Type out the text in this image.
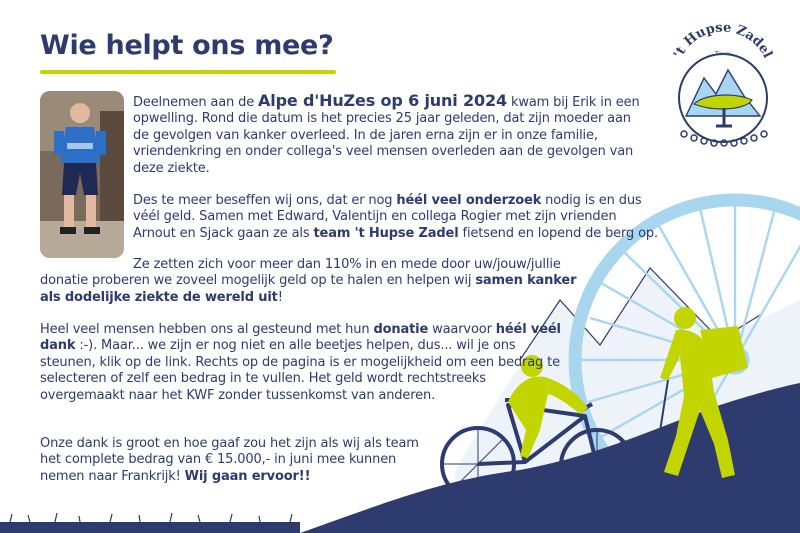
Wie helpt ons mee?	't Hupse Zadel

Deelnemen aan de Alpe d'HuZes op 6 juni 2024 kwam bij Erik in een opwelling. Rond die datum is het precies 25 jaar geleden, dat zijn moeder aan de gevolgen van kanker overleed. In de jaren erna zijn er in onze familie, vriendenkring en onder collega's veel mensen overleden aan de gevolgen van deze ziekte.

Des te meer beseffen wij ons, dat er nog héél veel onderzoek nodig is en dus véél geld. Samen met Edward, Valentijn en collega Rogier met zijn vrienden Arnout en Sjack gaan ze als team 't Hupse Zadel fietsend en lopend de berg op.

Ze zetten zich voor meer dan 110% in en mede door uw/jouw/jullie donatie proberen we zoveel mogelijk geld op te halen en helpen wij samen kanker als dodelijke ziekte de wereld uit!

Heel veel mensen hebben ons al gesteund met hun donatie waarvoor héél véél dank :-). Maar... we zijn er nog niet en alle beetjes helpen, dus... wil je ons steunen, klik op de link. Rechts op de pagina is er mogelijkheid om een bedrag te selecteren of zelf een bedrag in te vullen. Het geld wordt rechtstreeks overgemaakt naar het KWF zonder tussenkomst van anderen.

Onze dank is groot en hoe gaaf zou het zijn als wij als team het complete bedrag van € 15.000,- in juni mee kunnen nemen naar Frankrijk! Wij gaan ervoor!!
